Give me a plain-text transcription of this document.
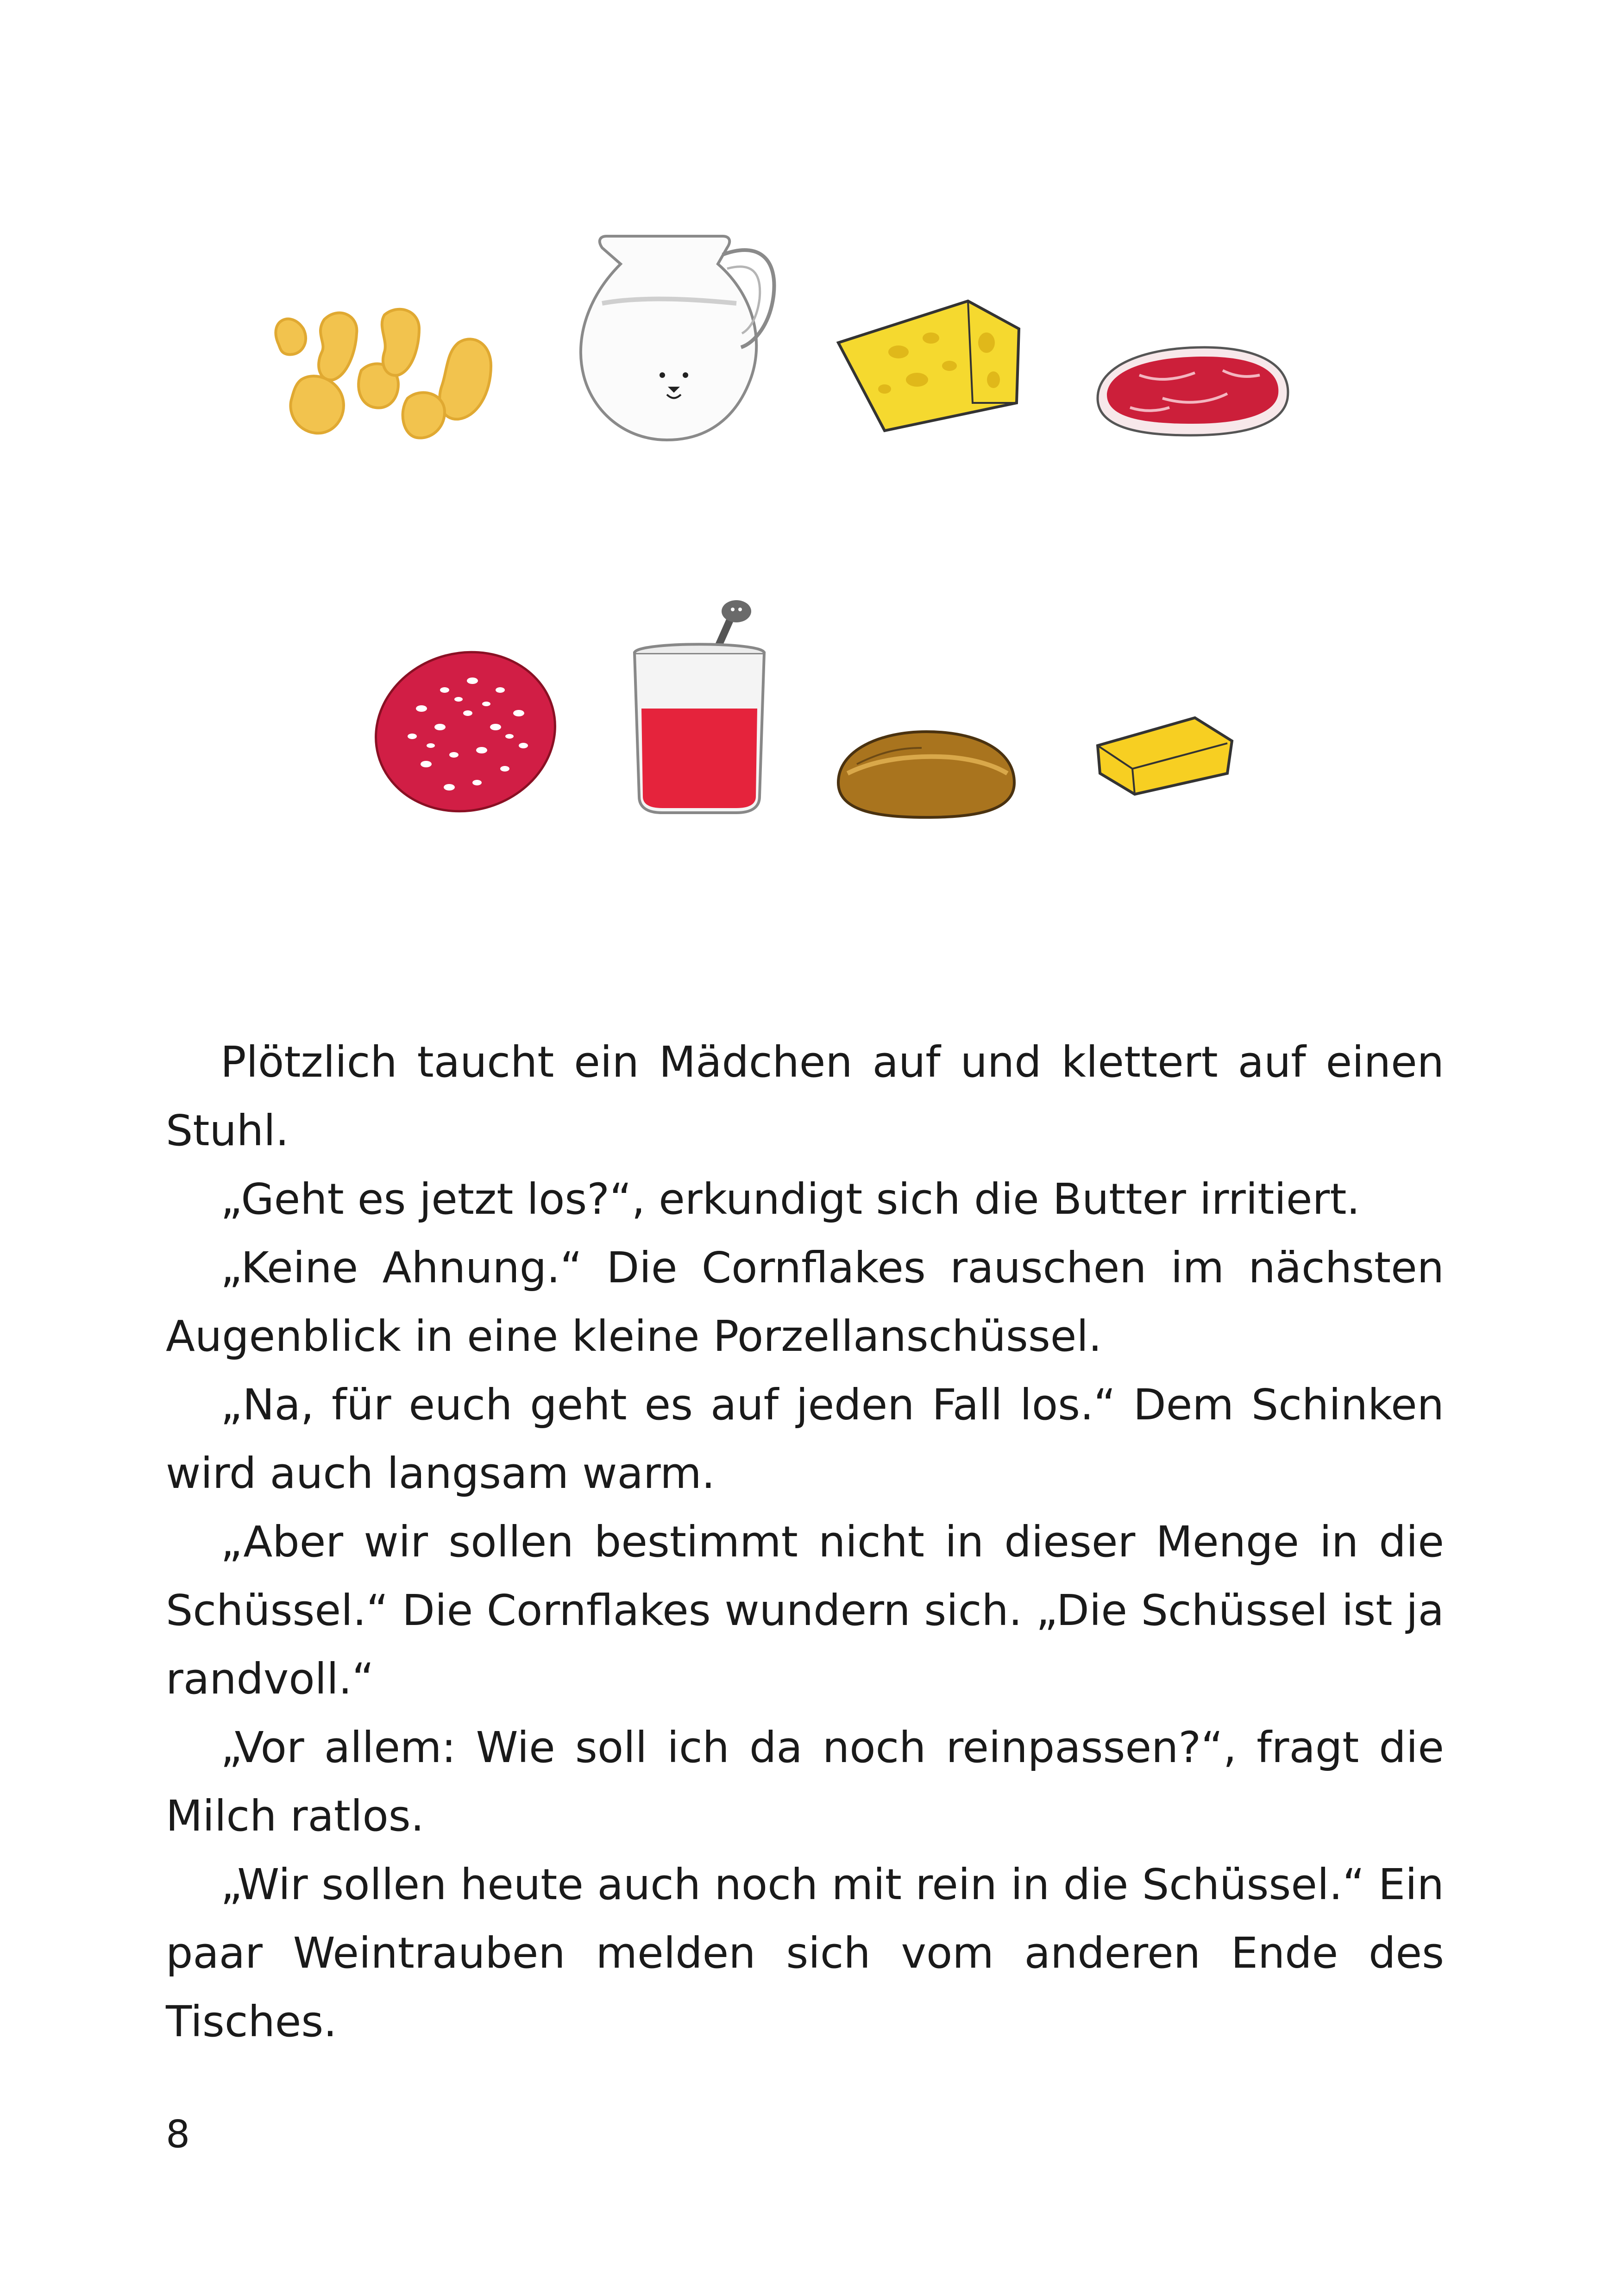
Plötzlich taucht ein Mädchen auf und klettert auf einen Stuhl.

„Geht es jetzt los?“, erkundigt sich die Butter irritiert.

„Keine Ahnung.“ Die Cornflakes rauschen im nächsten Augenblick in eine kleine Porzellanschüssel.

„Na, für euch geht es auf jeden Fall los.“ Dem Schinken wird auch langsam warm.

„Aber wir sollen bestimmt nicht in dieser Menge in die Schüssel.“ Die Cornflakes wundern sich. „Die Schüssel ist ja randvoll.“

„Vor allem: Wie soll ich da noch reinpassen?“, fragt die Milch ratlos.

„Wir sollen heute auch noch mit rein in die Schüssel.“ Ein paar Weintrauben melden sich vom anderen Ende des Tisches.

8
